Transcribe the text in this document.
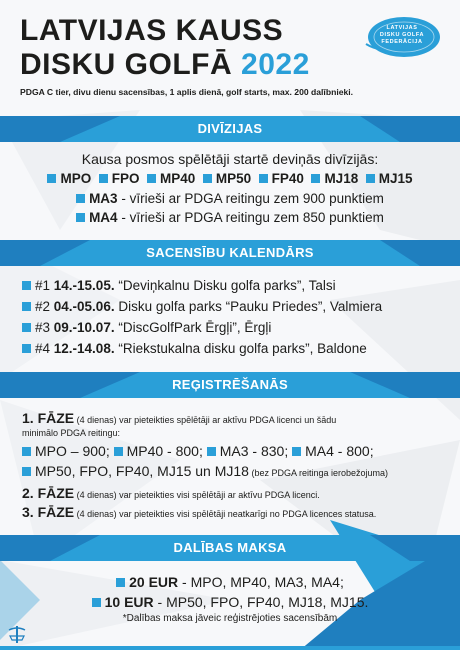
LATVIJAS KAUSS
DISKU GOLFĀ 2022
LATVIJAS
DISKU GOLFA
FEDERĀCIJA
PDGA C tier, divu dienu sacensības, 1 aplis dienā, golf starts, max. 200 dalībnieki.
DIVĪZIJAS
Kausa posmos spēlētāji startē deviņās divīzijās:
MPO FPO MP40 MP50 FP40 MJ18 MJ15
MA3 - vīrieši ar PDGA reitingu zem 900 punktiem
MA4 - vīrieši ar PDGA reitingu zem 850 punktiem
SACENSĪBU KALENDĀRS
#1 14.-15.05. “Deviņkalnu Disku golfa parks”, Talsi
#2 04.-05.06. Disku golfa parks “Pauku Priedes”, Valmiera
#3 09.-10.07. “DiscGolfPark Ērgļi”, Ērgļi
#4 12.-14.08. “Riekstukalna disku golfa parks”, Baldone
REĢISTRĒŠANĀS
1. FĀZE (4 dienas) var pieteikties spēlētāji ar aktīvu PDGA licenci un šādu
minimālo PDGA reitingu:
MPO – 900; MP40 - 800; MA3 - 830; MA4 - 800;
MP50, FPO, FP40, MJ15 un MJ18 (bez PDGA reitinga ierobežojuma)
2. FĀZE (4 dienas) var pieteikties visi spēlētāji ar aktīvu PDGA licenci.
3. FĀZE (4 dienas) var pieteikties visi spēlētāji neatkarīgi no PDGA licences statusa.
DALĪBAS MAKSA
20 EUR - MPO, MP40, MA3, MA4;
10 EUR - MP50, FPO, FP40, MJ18, MJ15.
*Dalības maksa jāveic reģistrējoties sacensībām
